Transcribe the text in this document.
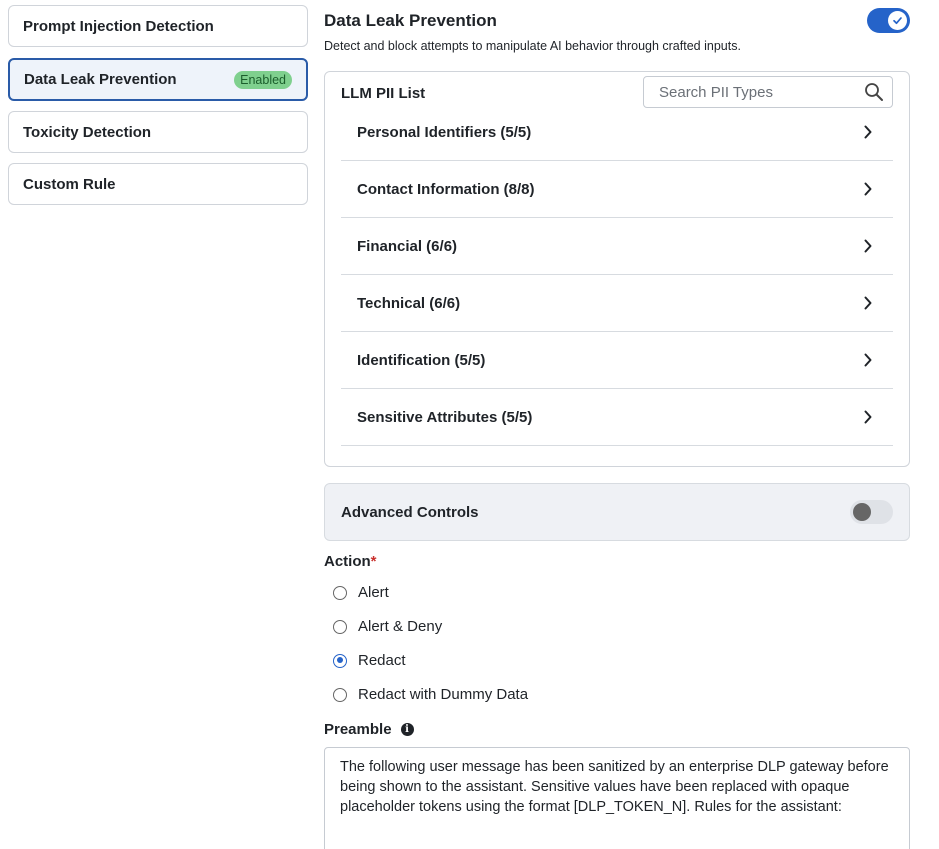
Prompt Injection Detection
Data Leak Prevention	Enabled
Toxicity Detection
Custom Rule
Data Leak Prevention
Detect and block attempts to manipulate AI behavior through crafted inputs.
LLM PII List
Search PII Types
Personal Identifiers (5/5)
Contact Information (8/8)
Financial (6/6)
Technical (6/6)
Identification (5/5)
Sensitive Attributes (5/5)
Advanced Controls
Action*
Alert
Alert & Deny
Redact
Redact with Dummy Data
Preamble	i
The following user message has been sanitized by an enterprise DLP gateway before being shown to the assistant. Sensitive values have been replaced with opaque placeholder tokens using the format [DLP_TOKEN_N]. Rules for the assistant:
